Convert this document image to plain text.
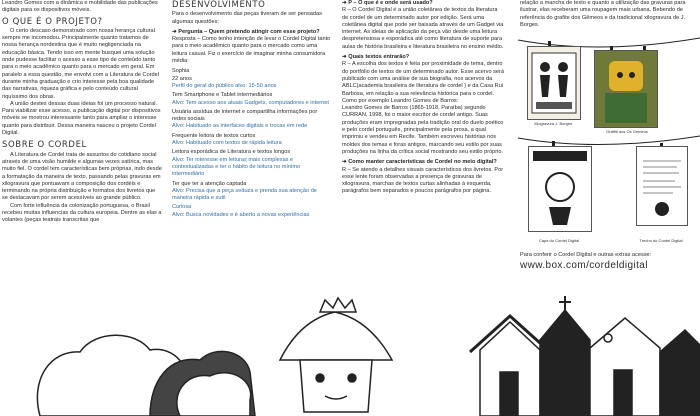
Leandro Gomes com a dinâmica e mobilidade das publicações digitais para os dispositivos móveis.

O QUE É O PROJETO?

O certo descaso demonstrado com nossa herança cultural sempre me incomodou. Principalmente quanto tratamos de nossa herança nordestina que é muito negligenciada na educação básica. Tendo isso em mente busquei uma solução onde pudesse facilitar o acesso a esse tipo de conteúdo tanto para o meio acadêmico quanto para o mercado em geral. Em paralelo a essa questão, me envolvi com a Literatura de Cordel durante minha graduação e crio interesse pela boa qualidade das narrativas, riqueza gráfica e pelo conteúdo cultural riquíssimo dos obras.

A união destes dessas duas ideias foi um processo natural. Para viabilizar esse acesso, a publicação digital por dispositivos móveis se mostrou interessante tanto para ampliar o interesse quanto para distribuir. Dessa maneira nasceu o projeto Cordel Digital.

SOBRE O CORDEL

A Literatura de Cordel trata de assuntos do cotidiano social através de uma visão humilde e algumas vezes satírica, mas muito fiel. O cordel tem características bem próprias, indo desde a formatação da maneira de texto, passando pelas gravuras em xilogravura que pontuavam a composição dos cordéis e terminando na própria distribuição e formatos dos livretos que se destacavam por serem acessíveis ao grande público.

Com forte influência da colonização portuguesa, o Brasil recebeu muitas influencias da cultura europeia. Dentre as elas a volantes (peças teatrais transcritas que

DESENVOLVIMENTO

Para o desenvolvimento das peças tiveram de ser pensadas algumas questões:

➜ Pergunta – Quem pretendo atingir com esse projeto?

Resposta – Como tenho intenção de levar o Cordel Digital tanto para o meio acadêmico quanto para o mercado como uma leitura casual. Fiz o exercício de imaginar minha consumidora média:

Sophia

22 anos

Perfil do geral do público alvo: 15-50 anos

Tem Smartphone e Tablet intermediários

Alvo: Tem acesso aos atuais Gadgets, computadores e internet

Usuária assídua de internet e compartilha informações por redes sociais

Alvo: Habituado as interfaces digitais e trocas em rede

Frequente leitora de textos curtos

Alvo: Habituado com textos de rápida leitura

Leitora esporádica de Literatura e textos longos

Alvo: Ter interesse em leituras mais complexas e contextualizadas e ter o hábito de leitura no mínimo intermediário

Ter que ter a atenção captada

Alvo: Precisa que a peça seduza e prenda sua atenção de maneira rápida e sutil

Curiosa

Alvo: Busca novidades e é aberto a novas experiências

➜ P – O que é e onde será usado?

R – O Cordel Digital é a união coletânea de textos da literatura de cordel de um determinado autor por edição. Será uma coletânea digital que pode ser baixada através de um Gadget via internet. As ideias de aplicação da peça vão desde uma leitura despretensiosa e esporádica até como literatura de suporte para aulas de história brasileira e literatura brasileira no ensino médio.

➜ Quais textos entrarão?

R – A escolha dos textos é feita por proximidade de tema, dentro do portfólio de textos de um determinado autor. Esse acervo será publicado com uma análise de sua biografia, nos acervos da ABLC(academia brasileira de literatura de cordel ) e da Casa Rui Barbosa, em relação a sua relevância histórica para o cordel. Como por exemplo Leandro Gomes de Barros:

Leandro Gomes de Barros (1865-1918, Paraíba) segundo CURRAN, 1998, foi o maior escritor de cordel antigo. Suas produções eram impregnadas pela tradição oral do duelo poético e pelo cordel português, principalmente pela prosa, a qual imprimiu e vendeu em Recife. Também escreveu histórias nos moldes dos temas e foras antigos, marcando seu estilo por suas produções na linha da crítica social mostrando seu estilo próprio.

➜ Como manter características de Cordel no meio digital?

R – Se atendo a detalhes visuais característicos dos livretos. Por esse lente foram observadas a presença de gravuras de xilogravura, marchas de textos curtas alinhadas à esquerda, parágrafos bem separados e poucos parágrafos por página.

relação a mancha de texto e quanto a utilização das gravuras para ilustrar, elas receberam uma roupagem mais urbana. Bebendo de referência do grafite dos Gêmeos e da tradicional xilogravura de J. Borges.

Xilogravura J. Borges
Graffiti dos Os Gemeos
Capa do Cordel Digital	Trecho do Cordel Digital

Para conferir o Cordel Digital e outras extras acesse:

www.box.com/cordeldigital
